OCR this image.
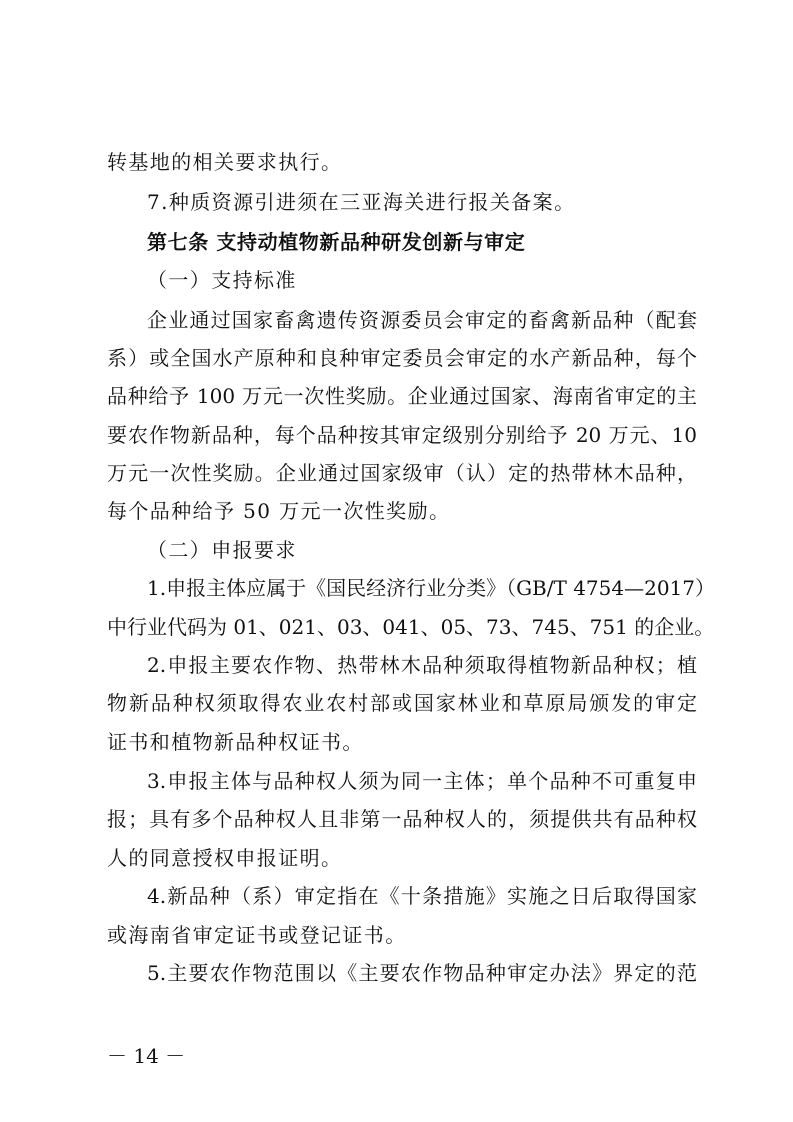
转基地的相关要求执行。
7.种质资源引进须在三亚海关进行报关备案。
第七条 支持动植物新品种研发创新与审定
（一）支持标准
企业通过国家畜禽遗传资源委员会审定的畜禽新品种（配套
系）或全国水产原种和良种审定委员会审定的水产新品种，每个
品种给予 100 万元一次性奖励。企业通过国家、海南省审定的主
要农作物新品种，每个品种按其审定级别分别给予 20 万元、10
万元一次性奖励。企业通过国家级审（认）定的热带林木品种，
每个品种给予 50 万元一次性奖励。
（二）申报要求
1.申报主体应属于《国民经济行业分类》（GB/T 4754—2017）
中行业代码为 01、021、03、041、05、73、745、751 的企业。
2.申报主要农作物、热带林木品种须取得植物新品种权；植
物新品种权须取得农业农村部或国家林业和草原局颁发的审定
证书和植物新品种权证书。
3.申报主体与品种权人须为同一主体；单个品种不可重复申
报；具有多个品种权人且非第一品种权人的，须提供共有品种权
人的同意授权申报证明。
4.新品种（系）审定指在《十条措施》实施之日后取得国家
或海南省审定证书或登记证书。
5.主要农作物范围以《主要农作物品种审定办法》界定的范
－ 14 －
